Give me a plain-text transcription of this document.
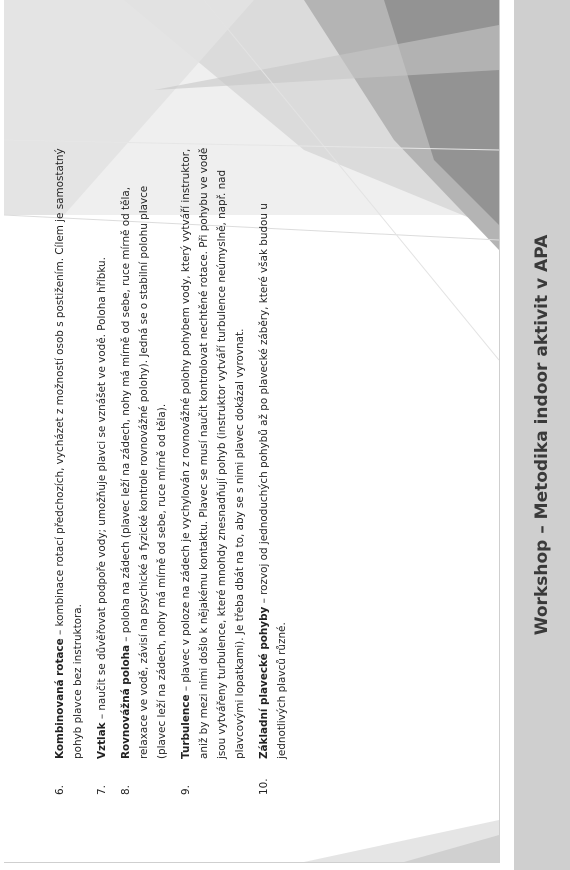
6.
Kombinovaná rotace – kombinace rotací předchozích, vycházet z možností osob s postižením. Cílem je samostatný pohyb plavce bez instruktora.
7.
Vztlak – naučit se důvěřovat podpoře vody; umožňuje plavci se vznášet ve vodě. Poloha hříbku.
8.
Rovnovážná poloha – poloha na zádech (plavec leží na zádech, nohy má mírně od sebe, ruce mírně od těla, relaxace ve vodě, závisí na psychické a fyzické kontrole rovnovážné polohy). Jedná se o stabilní polohu plavce (plavec leží na zádech, nohy má mírně od sebe, ruce mírně od těla).
9.
Turbulence – plavec v poloze na zádech je vychylován z rovnovážné polohy pohybem vody, který vytváří instruktor, aniž by mezi nimi došlo k nějakému kontaktu. Plavec se musí naučit kontrolovat nechtěné rotace. Při pohybu ve vodě jsou vytvářeny turbulence, které mnohdy znesnadňují pohyb (instruktor vytváří turbulence neúmyslně, např. nad plavcovými lopatkami). Je třeba dbát na to, aby se s nimi plavec dokázal vyrovnat.
10.
Základní plavecké pohyby – rozvoj od jednoduchých pohybů až po plavecké záběry, které však budou u jednotlivých plavců různé.
Workshop – Metodika indoor aktivit v APA
